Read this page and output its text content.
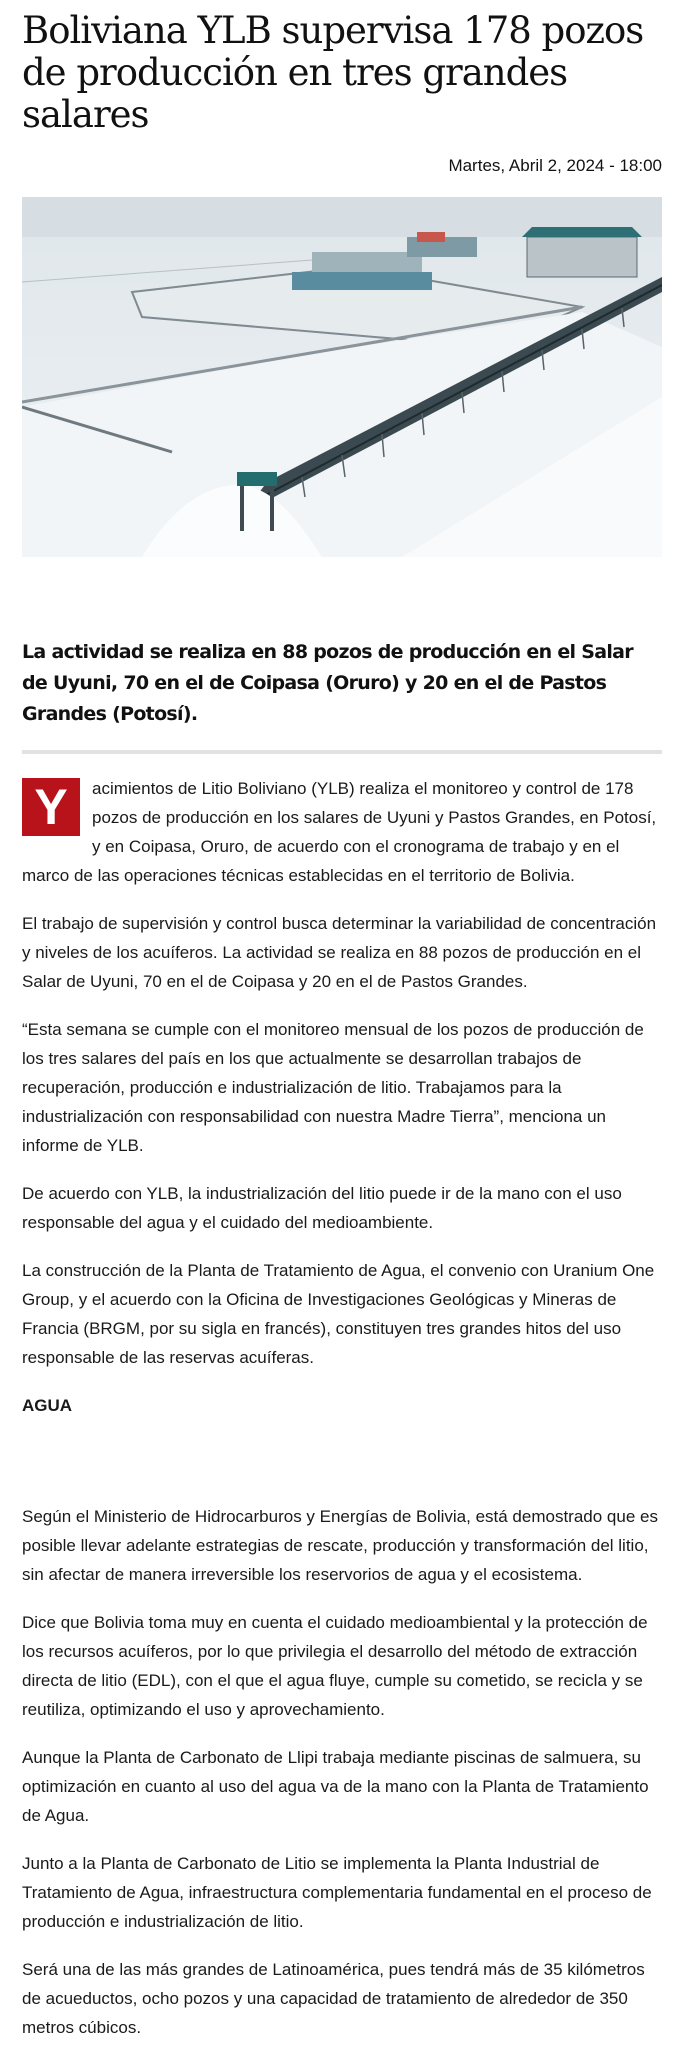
Boliviana YLB supervisa 178 pozos de producción en tres grandes salares
Martes, Abril 2, 2024 - 18:00
La actividad se realiza en 88 pozos de producción en el Salar de Uyuni, 70 en el de Coipasa (Oruro) y 20 en el de Pastos Grandes (Potosí).
Y	acimientos de Litio Boliviano (YLB) realiza el monitoreo y control de 178 pozos de producción en los salares de Uyuni y Pastos Grandes, en Potosí, y en Coipasa, Oruro, de acuerdo con el cronograma de trabajo y en el marco de las operaciones técnicas establecidas en el territorio de Bolivia.
El trabajo de supervisión y control busca determinar la variabilidad de concentración y niveles de los acuíferos. La actividad se realiza en 88 pozos de producción en el Salar de Uyuni, 70 en el de Coipasa y 20 en el de Pastos Grandes.
“Esta semana se cumple con el monitoreo mensual de los pozos de producción de los tres salares del país en los que actualmente se desarrollan trabajos de recuperación, producción e industrialización de litio. Trabajamos para la industrialización con responsabilidad con nuestra Madre Tierra”, menciona un informe de YLB.
De acuerdo con YLB, la industrialización del litio puede ir de la mano con el uso responsable del agua y el cuidado del medioambiente.
La construcción de la Planta de Tratamiento de Agua, el convenio con Uranium One Group, y el acuerdo con la Oficina de Investigaciones Geológicas y Mineras de Francia (BRGM, por su sigla en francés), constituyen tres grandes hitos del uso responsable de las reservas acuíferas.
AGUA
Según el Ministerio de Hidrocarburos y Energías de Bolivia, está demostrado que es posible llevar adelante estrategias de rescate, producción y transformación del litio, sin afectar de manera irreversible los reservorios de agua y el ecosistema.
Dice que Bolivia toma muy en cuenta el cuidado medioambiental y la protección de los recursos acuíferos, por lo que privilegia el desarrollo del método de extracción directa de litio (EDL), con el que el agua fluye, cumple su cometido, se recicla y se reutiliza, optimizando el uso y aprovechamiento.
Aunque la Planta de Carbonato de Llipi trabaja mediante piscinas de salmuera, su optimización en cuanto al uso del agua va de la mano con la Planta de Tratamiento de Agua.
Junto a la Planta de Carbonato de Litio se implementa la Planta Industrial de Tratamiento de Agua, infraestructura complementaria fundamental en el proceso de producción e industrialización de litio.
Será una de las más grandes de Latinoamérica, pues tendrá más de 35 kilómetros de acueductos, ocho pozos y una capacidad de tratamiento de alrededor de 350 metros cúbicos.
